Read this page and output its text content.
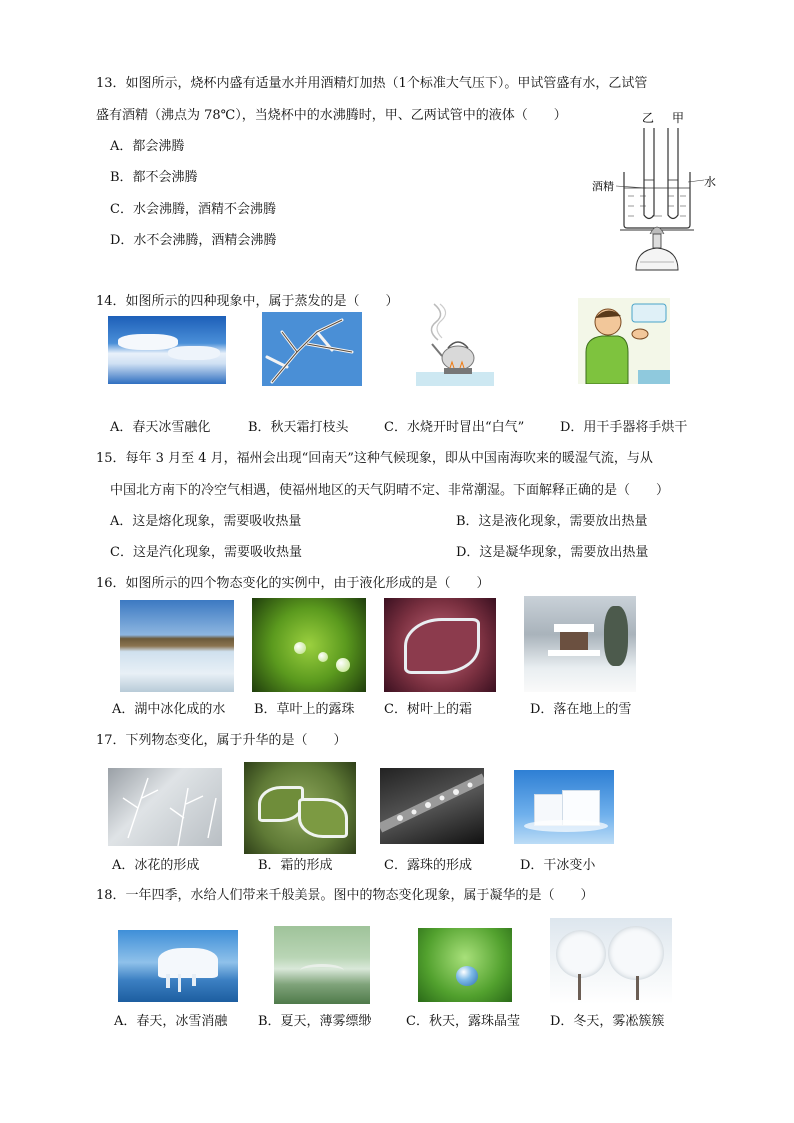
13．如图所示，烧杯内盛有适量水并用酒精灯加热（1个标准大气压下）。甲试管盛有水，乙试管
盛有酒精（沸点为 78℃），当烧杯中的水沸腾时，甲、乙两试管中的液体（　　）
A．都会沸腾
B．都不会沸腾
C．水会沸腾，酒精不会沸腾
D．水不会沸腾，酒精会沸腾
乙 甲
酒精	水
14．如图所示的四种现象中，属于蒸发的是（　　）
A．春天冰雪融化	B．秋天霜打枝头	C．水烧开时冒出“白气”	D．用干手器将手烘干
15．每年 3 月至 4 月，福州会出现“回南天”这种气候现象，即从中国南海吹来的暖湿气流，与从
中国北方南下的冷空气相遇，使福州地区的天气阴晴不定、非常潮湿。下面解释正确的是（　　）
A．这是熔化现象，需要吸收热量	B．这是液化现象，需要放出热量
C．这是汽化现象，需要吸收热量	D．这是凝华现象，需要放出热量
16．如图所示的四个物态变化的实例中，由于液化形成的是（　　）
A．湖中冰化成的水 B．草叶上的露珠 C．树叶上的霜	D．落在地上的雪
17．下列物态变化，属于升华的是（　　）
A．冰花的形成	B．霜的形成	C．露珠的形成	D．干冰变小
18．一年四季，水给人们带来千般美景。图中的物态变化现象，属于凝华的是（　　）
A．春天，冰雪消融 B．夏天，薄雾缥缈	C．秋天，露珠晶莹 D．冬天，雾凇簇簇
